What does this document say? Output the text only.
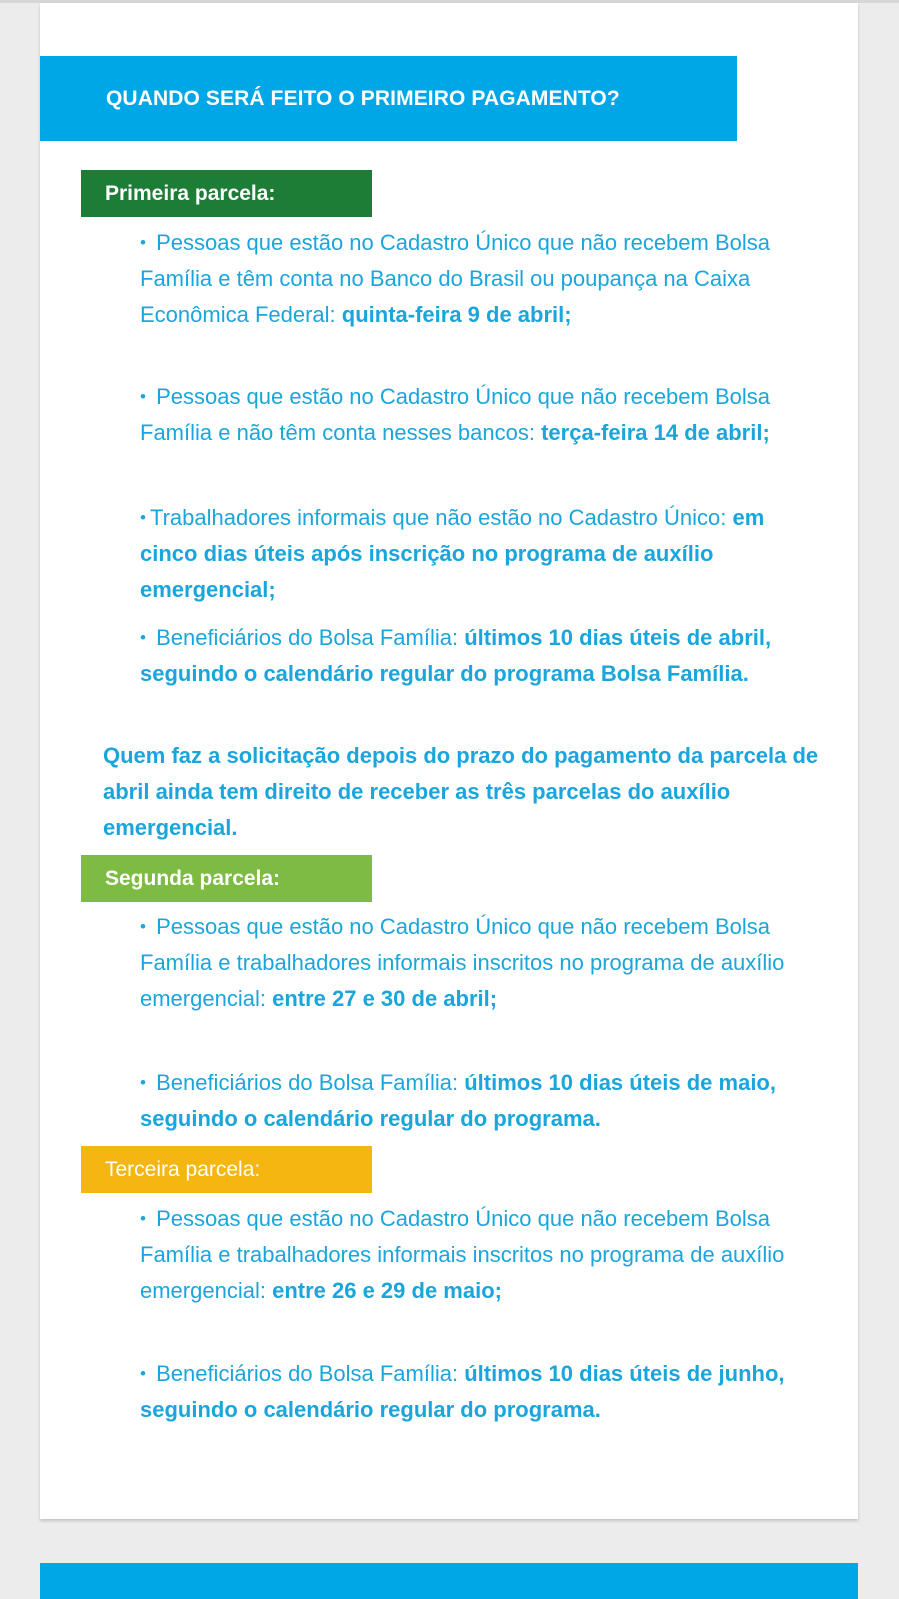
QUANDO SERÁ FEITO O PRIMEIRO PAGAMENTO?
Primeira parcela:
• Pessoas que estão no Cadastro Único que não recebem Bolsa Família e têm conta no Banco do Brasil ou poupança na Caixa Econômica Federal: quinta-feira 9 de abril;
• Pessoas que estão no Cadastro Único que não recebem Bolsa Família e não têm conta nesses bancos: terça-feira 14 de abril;
• Trabalhadores informais que não estão no Cadastro Único: em cinco dias úteis após inscrição no programa de auxílio emergencial;
• Beneficiários do Bolsa Família: últimos 10 dias úteis de abril, seguindo o calendário regular do programa Bolsa Família.
Quem faz a solicitação depois do prazo do pagamento da parcela de abril ainda tem direito de receber as três parcelas do auxílio emergencial.
Segunda parcela:
• Pessoas que estão no Cadastro Único que não recebem Bolsa Família e trabalhadores informais inscritos no programa de auxílio emergencial: entre 27 e 30 de abril;
• Beneficiários do Bolsa Família: últimos 10 dias úteis de maio, seguindo o calendário regular do programa.
Terceira parcela:
• Pessoas que estão no Cadastro Único que não recebem Bolsa Família e trabalhadores informais inscritos no programa de auxílio emergencial: entre 26 e 29 de maio;
• Beneficiários do Bolsa Família: últimos 10 dias úteis de junho, seguindo o calendário regular do programa.
